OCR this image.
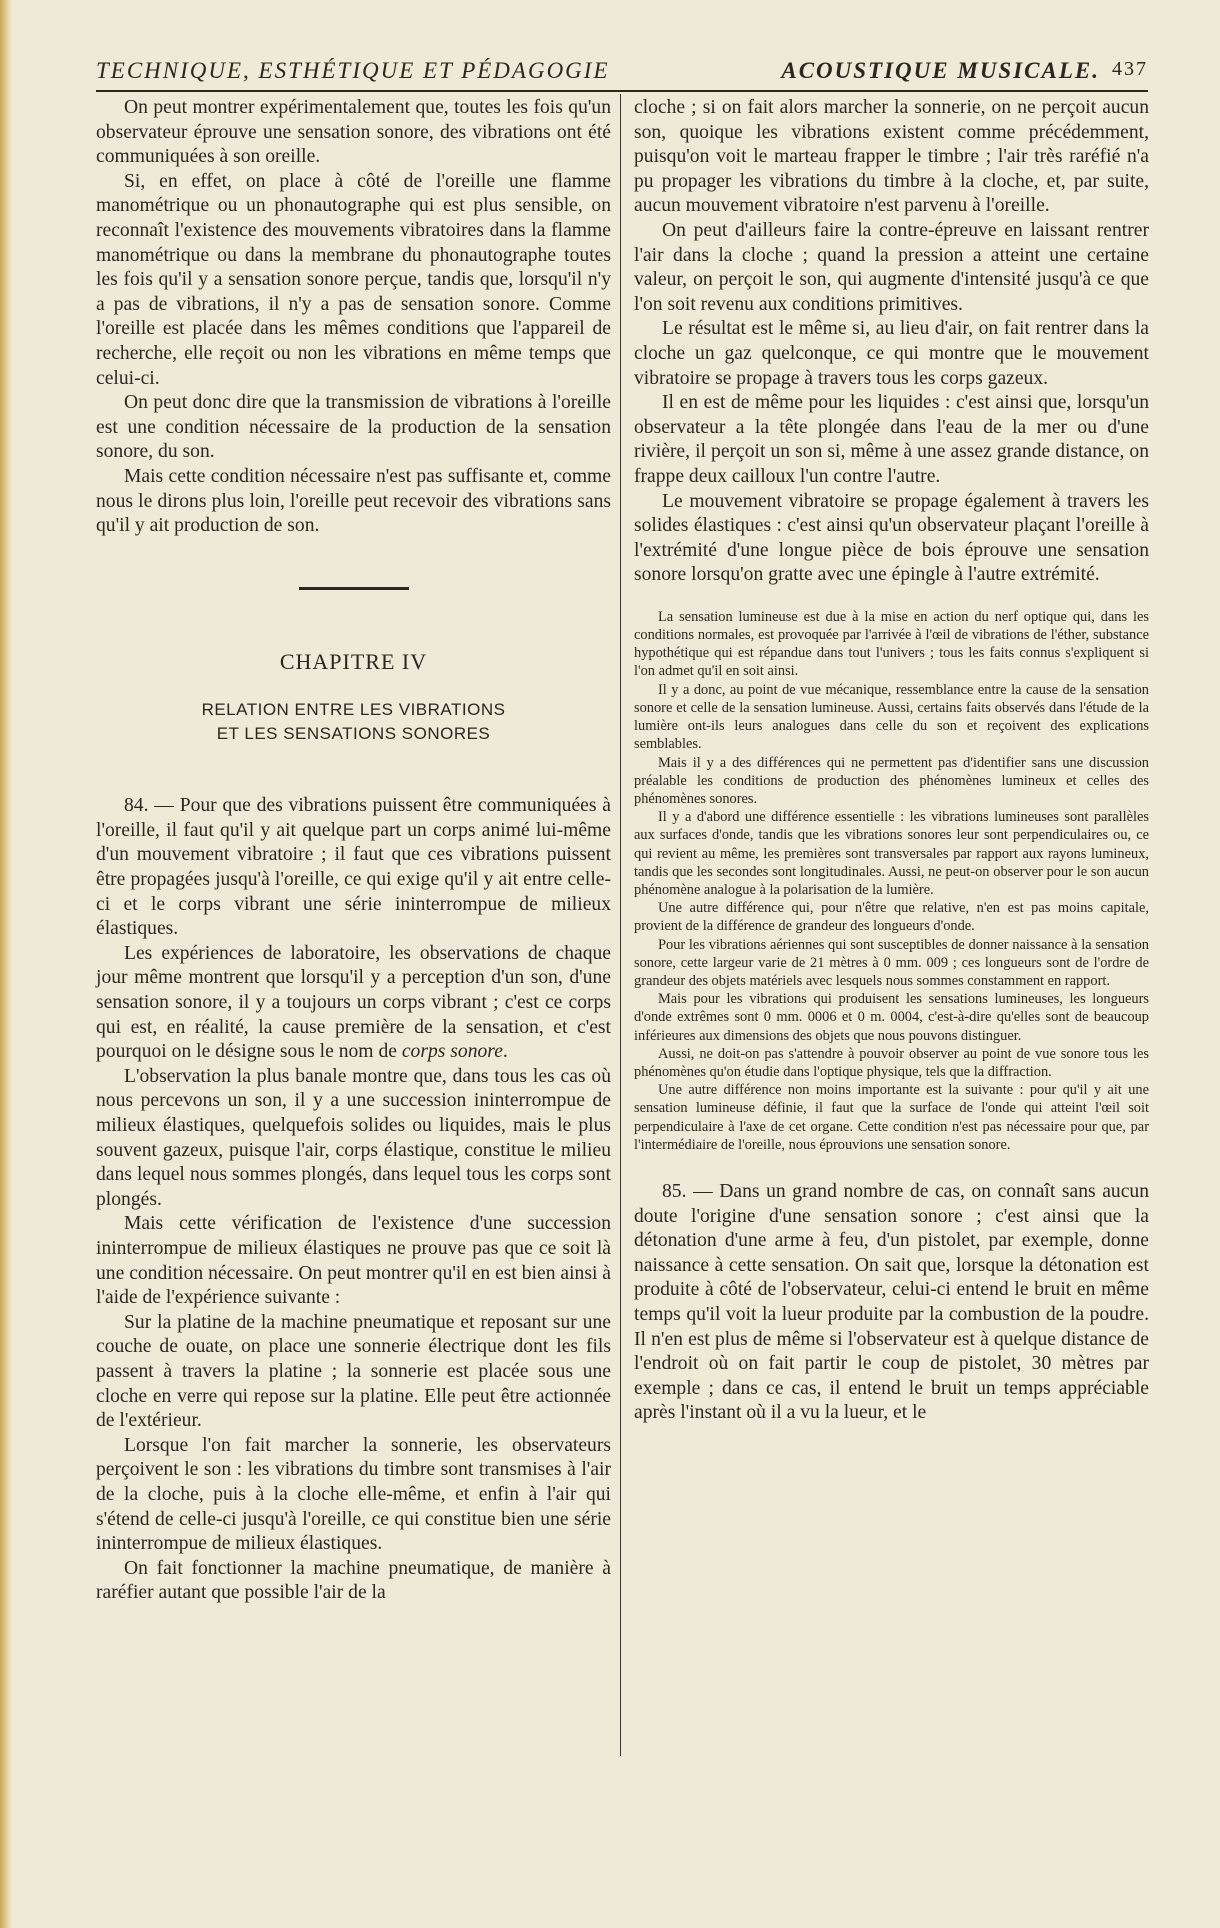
TECHNIQUE, ESTHÉTIQUE ET PÉDAGOGIE	ACOUSTIQUE MUSICALE. 437

On peut montrer expérimentalement que, toutes les fois qu'un observateur éprouve une sensation sonore, des vibrations ont été communiquées à son oreille.

Si, en effet, on place à côté de l'oreille une flamme manométrique ou un phonautographe qui est plus sensible, on reconnaît l'existence des mouvements vibratoires dans la flamme manométrique ou dans la membrane du phonautographe toutes les fois qu'il y a sensation sonore perçue, tandis que, lorsqu'il n'y a pas de vibrations, il n'y a pas de sensation sonore. Comme l'oreille est placée dans les mêmes conditions que l'appareil de recherche, elle reçoit ou non les vibrations en même temps que celui-ci.

On peut donc dire que la transmission de vibrations à l'oreille est une condition nécessaire de la production de la sensation sonore, du son.

Mais cette condition nécessaire n'est pas suffisante et, comme nous le dirons plus loin, l'oreille peut recevoir des vibrations sans qu'il y ait production de son.

CHAPITRE IV
RELATION ENTRE LES VIBRATIONS
ET LES SENSATIONS SONORES

84. — Pour que des vibrations puissent être communiquées à l'oreille, il faut qu'il y ait quelque part un corps animé lui-même d'un mouvement vibratoire ; il faut que ces vibrations puissent être propagées jusqu'à l'oreille, ce qui exige qu'il y ait entre celle-ci et le corps vibrant une série ininterrompue de milieux élastiques.

Les expériences de laboratoire, les observations de chaque jour même montrent que lorsqu'il y a perception d'un son, d'une sensation sonore, il y a toujours un corps vibrant ; c'est ce corps qui est, en réalité, la cause première de la sensation, et c'est pourquoi on le désigne sous le nom de corps sonore.

L'observation la plus banale montre que, dans tous les cas où nous percevons un son, il y a une succession ininterrompue de milieux élastiques, quelquefois solides ou liquides, mais le plus souvent gazeux, puisque l'air, corps élastique, constitue le milieu dans lequel nous sommes plongés, dans lequel tous les corps sont plongés.

Mais cette vérification de l'existence d'une succession ininterrompue de milieux élastiques ne prouve pas que ce soit là une condition nécessaire. On peut montrer qu'il en est bien ainsi à l'aide de l'expérience suivante :

Sur la platine de la machine pneumatique et reposant sur une couche de ouate, on place une sonnerie électrique dont les fils passent à travers la platine ; la sonnerie est placée sous une cloche en verre qui repose sur la platine. Elle peut être actionnée de l'extérieur.

Lorsque l'on fait marcher la sonnerie, les observateurs perçoivent le son : les vibrations du timbre sont transmises à l'air de la cloche, puis à la cloche elle-même, et enfin à l'air qui s'étend de celle-ci jusqu'à l'oreille, ce qui constitue bien une série ininterrompue de milieux élastiques.

On fait fonctionner la machine pneumatique, de manière à raréfier autant que possible l'air de la

cloche ; si on fait alors marcher la sonnerie, on ne perçoit aucun son, quoique les vibrations existent comme précédemment, puisqu'on voit le marteau frapper le timbre ; l'air très raréfié n'a pu propager les vibrations du timbre à la cloche, et, par suite, aucun mouvement vibratoire n'est parvenu à l'oreille.

On peut d'ailleurs faire la contre-épreuve en laissant rentrer l'air dans la cloche ; quand la pression a atteint une certaine valeur, on perçoit le son, qui augmente d'intensité jusqu'à ce que l'on soit revenu aux conditions primitives.

Le résultat est le même si, au lieu d'air, on fait rentrer dans la cloche un gaz quelconque, ce qui montre que le mouvement vibratoire se propage à travers tous les corps gazeux.

Il en est de même pour les liquides : c'est ainsi que, lorsqu'un observateur a la tête plongée dans l'eau de la mer ou d'une rivière, il perçoit un son si, même à une assez grande distance, on frappe deux cailloux l'un contre l'autre.

Le mouvement vibratoire se propage également à travers les solides élastiques : c'est ainsi qu'un observateur plaçant l'oreille à l'extrémité d'une longue pièce de bois éprouve une sensation sonore lorsqu'on gratte avec une épingle à l'autre extrémité.

La sensation lumineuse est due à la mise en action du nerf optique qui, dans les conditions normales, est provoquée par l'arrivée à l'œil de vibrations de l'éther, substance hypothétique qui est répandue dans tout l'univers ; tous les faits connus s'expliquent si l'on admet qu'il en soit ainsi.

Il y a donc, au point de vue mécanique, ressemblance entre la cause de la sensation sonore et celle de la sensation lumineuse. Aussi, certains faits observés dans l'étude de la lumière ont-ils leurs analogues dans celle du son et reçoivent des explications semblables.

Mais il y a des différences qui ne permettent pas d'identifier sans une discussion préalable les conditions de production des phénomènes lumineux et celles des phénomènes sonores.

Il y a d'abord une différence essentielle : les vibrations lumineuses sont parallèles aux surfaces d'onde, tandis que les vibrations sonores leur sont perpendiculaires ou, ce qui revient au même, les premières sont transversales par rapport aux rayons lumineux, tandis que les secondes sont longitudinales. Aussi, ne peut-on observer pour le son aucun phénomène analogue à la polarisation de la lumière.

Une autre différence qui, pour n'être que relative, n'en est pas moins capitale, provient de la différence de grandeur des longueurs d'onde.

Pour les vibrations aériennes qui sont susceptibles de donner naissance à la sensation sonore, cette largeur varie de 21 mètres à 0 mm. 009 ; ces longueurs sont de l'ordre de grandeur des objets matériels avec lesquels nous sommes constamment en rapport.

Mais pour les vibrations qui produisent les sensations lumineuses, les longueurs d'onde extrêmes sont 0 mm. 0006 et 0 m. 0004, c'est-à-dire qu'elles sont de beaucoup inférieures aux dimensions des objets que nous pouvons distinguer.

Aussi, ne doit-on pas s'attendre à pouvoir observer au point de vue sonore tous les phénomènes qu'on étudie dans l'optique physique, tels que la diffraction.

Une autre différence non moins importante est la suivante : pour qu'il y ait une sensation lumineuse définie, il faut que la surface de l'onde qui atteint l'œil soit perpendiculaire à l'axe de cet organe. Cette condition n'est pas nécessaire pour que, par l'intermédiaire de l'oreille, nous éprouvions une sensation sonore.

85. — Dans un grand nombre de cas, on connaît sans aucun doute l'origine d'une sensation sonore ; c'est ainsi que la détonation d'une arme à feu, d'un pistolet, par exemple, donne naissance à cette sensation. On sait que, lorsque la détonation est produite à côté de l'observateur, celui-ci entend le bruit en même temps qu'il voit la lueur produite par la combustion de la poudre. Il n'en est plus de même si l'observateur est à quelque distance de l'endroit où on fait partir le coup de pistolet, 30 mètres par exemple ; dans ce cas, il entend le bruit un temps appréciable après l'instant où il a vu la lueur, et le
